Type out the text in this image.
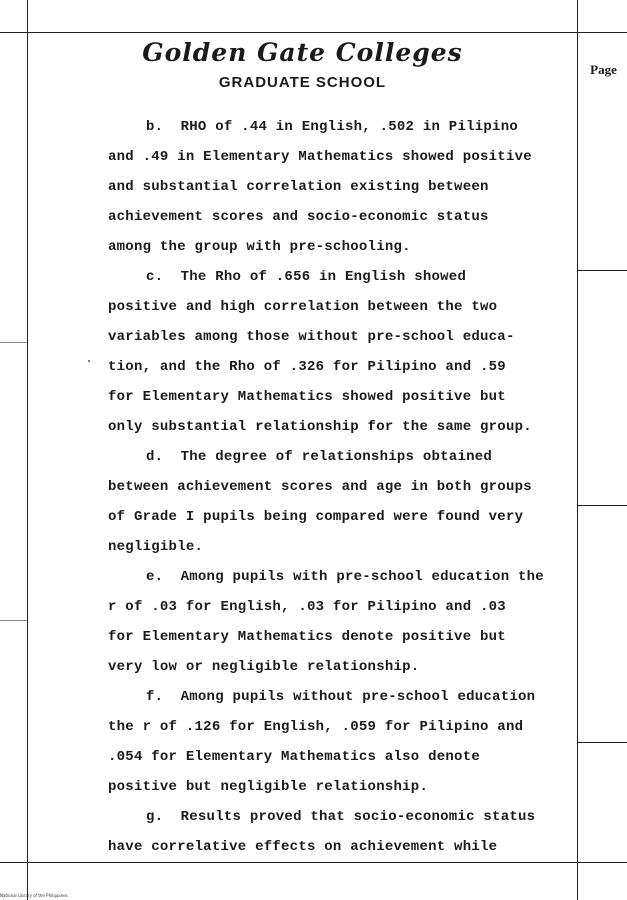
Golden Gate Colleges
GRADUATE SCHOOL
Page
b.  RHO of .44 in English, .502 in Pilipino
and .49 in Elementary Mathematics showed positive
and substantial correlation existing between
achievement scores and socio-economic status
among the group with pre-schooling.
c.  The Rho of .656 in English showed
positive and high correlation between the two
variables among those without pre-school educa-
tion, and the Rho of .326 for Pilipino and .59
for Elementary Mathematics showed positive but
only substantial relationship for the same group.
d.  The degree of relationships obtained
between achievement scores and age in both groups
of Grade I pupils being compared were found very
negligible.
e.  Among pupils with pre-school education the
r of .03 for English, .03 for Pilipino and .03
for Elementary Mathematics denote positive but
very low or negligible relationship.
f.  Among pupils without pre-school education
the r of .126 for English, .059 for Pilipino and
.054 for Elementary Mathematics also denote
positive but negligible relationship.
g.  Results proved that socio-economic status
have correlative effects on achievement while
National Library of the Philippines
